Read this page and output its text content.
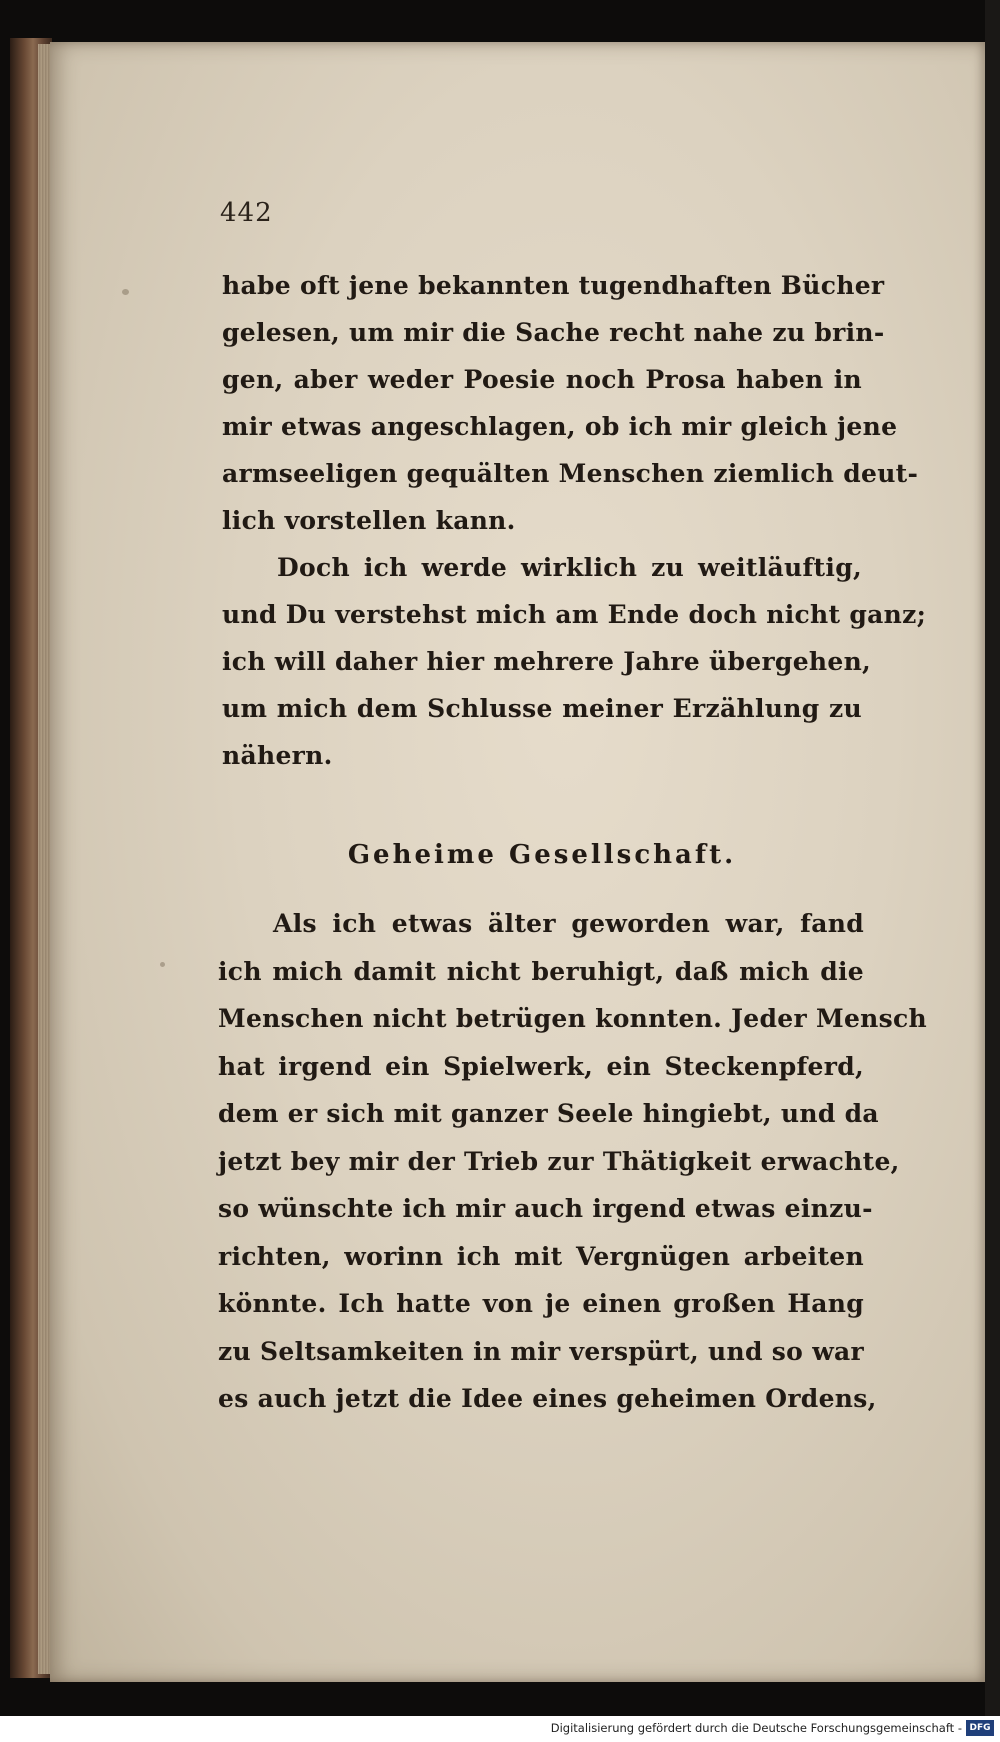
442
habe oft jene bekannten tugendhaften Bücher
gelesen, um mir die Sache recht nahe zu brin-
gen, aber weder Poesie noch Prosa haben in
mir etwas angeschlagen, ob ich mir gleich jene
armseeligen gequälten Menschen ziemlich deut-
lich vorstellen kann.
Doch ich werde wirklich zu weitläuftig,
und Du verstehst mich am Ende doch nicht ganz;
ich will daher hier mehrere Jahre übergehen,
um mich dem Schlusse meiner Erzählung zu
nähern.
Geheime Gesellschaft.
Als ich etwas älter geworden war, fand
ich mich damit nicht beruhigt, daß mich die
Menschen nicht betrügen konnten. Jeder Mensch
hat irgend ein Spielwerk, ein Steckenpferd,
dem er sich mit ganzer Seele hingiebt, und da
jetzt bey mir der Trieb zur Thätigkeit erwachte,
so wünschte ich mir auch irgend etwas einzu-
richten, worinn ich mit Vergnügen arbeiten
könnte. Ich hatte von je einen großen Hang
zu Seltsamkeiten in mir verspürt, und so war
es auch jetzt die Idee eines geheimen Ordens,
Digitalisierung gefördert durch die Deutsche Forschungsgemeinschaft - DFG
